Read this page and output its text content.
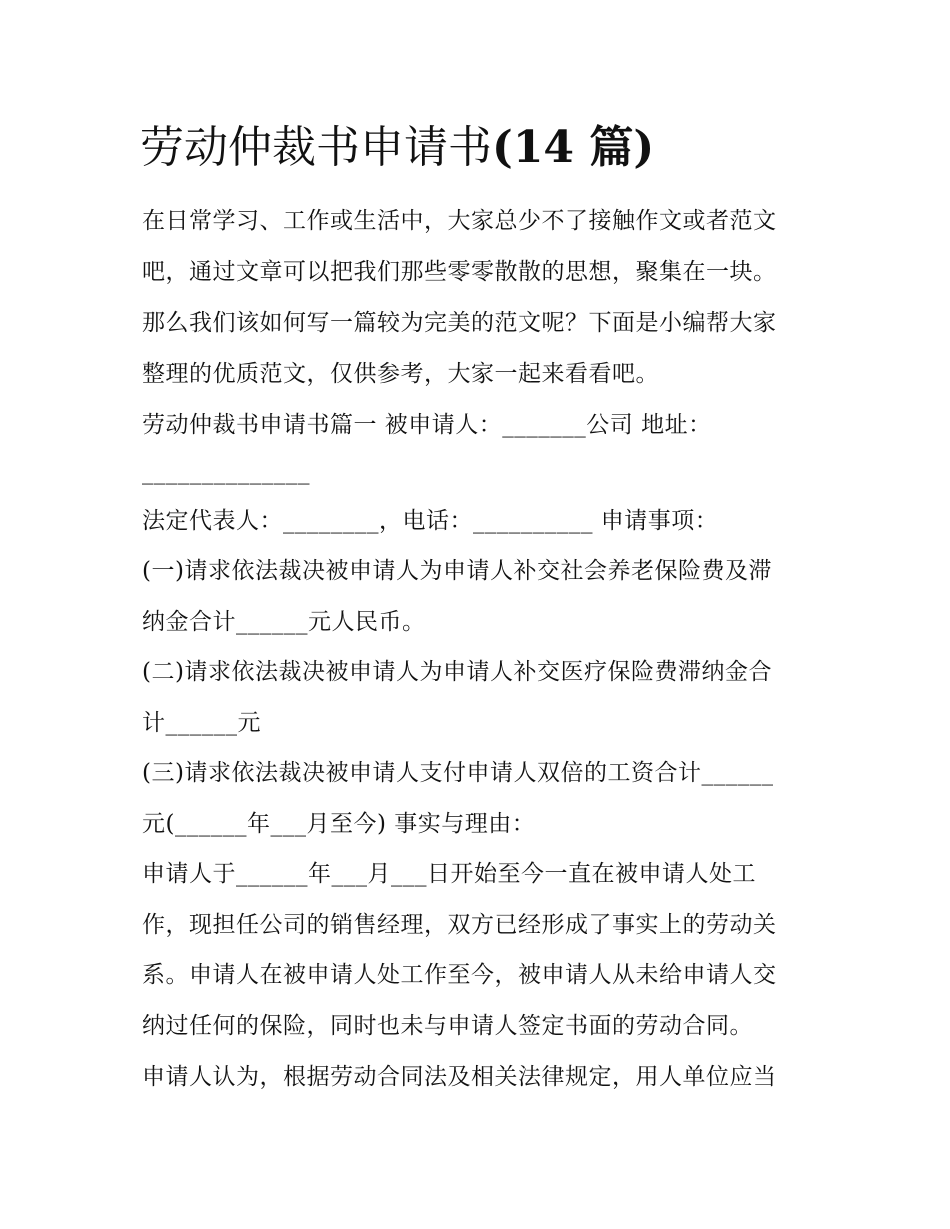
劳动仲裁书申请书(14 篇)

在日常学习、工作或生活中，大家总少不了接触作文或者范文

吧，通过文章可以把我们那些零零散散的思想，聚集在一块。

那么我们该如何写一篇较为完美的范文呢？下面是小编帮大家

整理的优质范文，仅供参考，大家一起来看看吧。

劳动仲裁书申请书篇一 被申请人：_______公司 地址：

______________

法定代表人：________，电话：__________ 申请事项：

(一)请求依法裁决被申请人为申请人补交社会养老保险费及滞

纳金合计______元人民币。

(二)请求依法裁决被申请人为申请人补交医疗保险费滞纳金合

计______元

(三)请求依法裁决被申请人支付申请人双倍的工资合计______

元(______年___月至今) 事实与理由：

申请人于______年___月___日开始至今一直在被申请人处工

作，现担任公司的销售经理，双方已经形成了事实上的劳动关

系。申请人在被申请人处工作至今，被申请人从未给申请人交

纳过任何的保险，同时也未与申请人签定书面的劳动合同。

申请人认为，根据劳动合同法及相关法律规定，用人单位应当
